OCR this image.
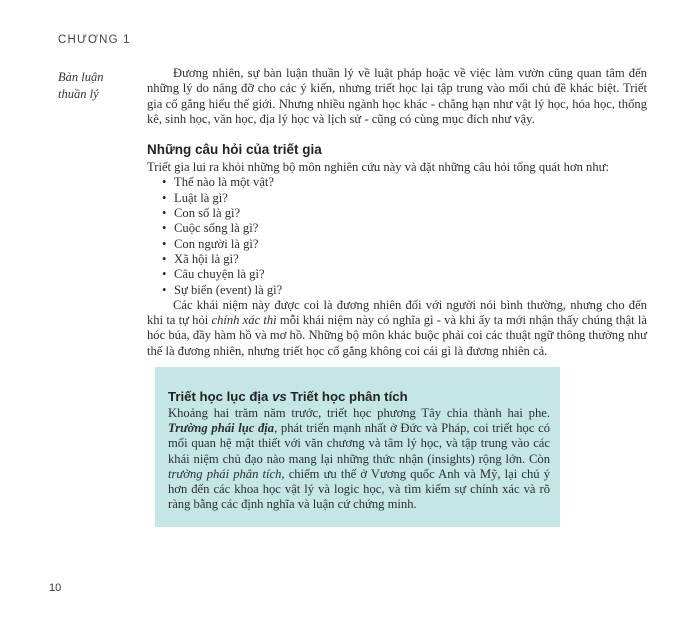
CHƯƠNG 1
Bàn luận
thuần lý

Đương nhiên, sự bàn luận thuần lý về luật pháp hoặc về việc làm vườn cũng quan tâm đến những lý do nâng đỡ cho các ý kiến, nhưng triết học lại tập trung vào mối chủ đề khác biệt. Triết gia cố gắng hiểu thế giới. Nhưng nhiều ngành học khác - chẳng hạn như vật lý học, hóa học, thống kê, sinh học, văn học, địa lý học và lịch sử - cũng có cùng mục đích như vậy.

Những câu hỏi của triết gia

Triết gia lui ra khỏi những bộ môn nghiên cứu này và đặt những câu hỏi tổng quát hơn như:

• Thế nào là một vật?
• Luật là gì?
• Con số là gì?
• Cuộc sống là gì?
• Con người là gì?
• Xã hội là gì?
• Câu chuyện là gì?
• Sự biến (event) là gì?

Các khái niệm này được coi là đương nhiên đối với người nói bình thường, nhưng cho đến khi ta tự hỏi chính xác thì mỗi khái niệm này có nghĩa gì - và khi ấy ta mới nhận thấy chúng thật là hóc búa, đầy hàm hồ và mơ hồ. Những bộ môn khác buộc phải coi các thuật ngữ thông thường như thế là đương nhiên, nhưng triết học cố gắng không coi cái gì là đương nhiên cả.

Triết học lục địa vs Triết học phân tích

Khoảng hai trăm năm trước, triết học phương Tây chia thành hai phe. Trường phái lục địa, phát triển mạnh nhất ở Đức và Pháp, coi triết học có mối quan hệ mật thiết với văn chương và tâm lý học, và tập trung vào các khái niệm chủ đạo nào mang lại những thức nhận (insights) rộng lớn. Còn trường phái phân tích, chiếm ưu thế ở Vương quốc Anh và Mỹ, lại chú ý hơn đến các khoa học vật lý và logic học, và tìm kiếm sự chính xác và rõ ràng bằng các định nghĩa và luận cứ chứng minh.

10
